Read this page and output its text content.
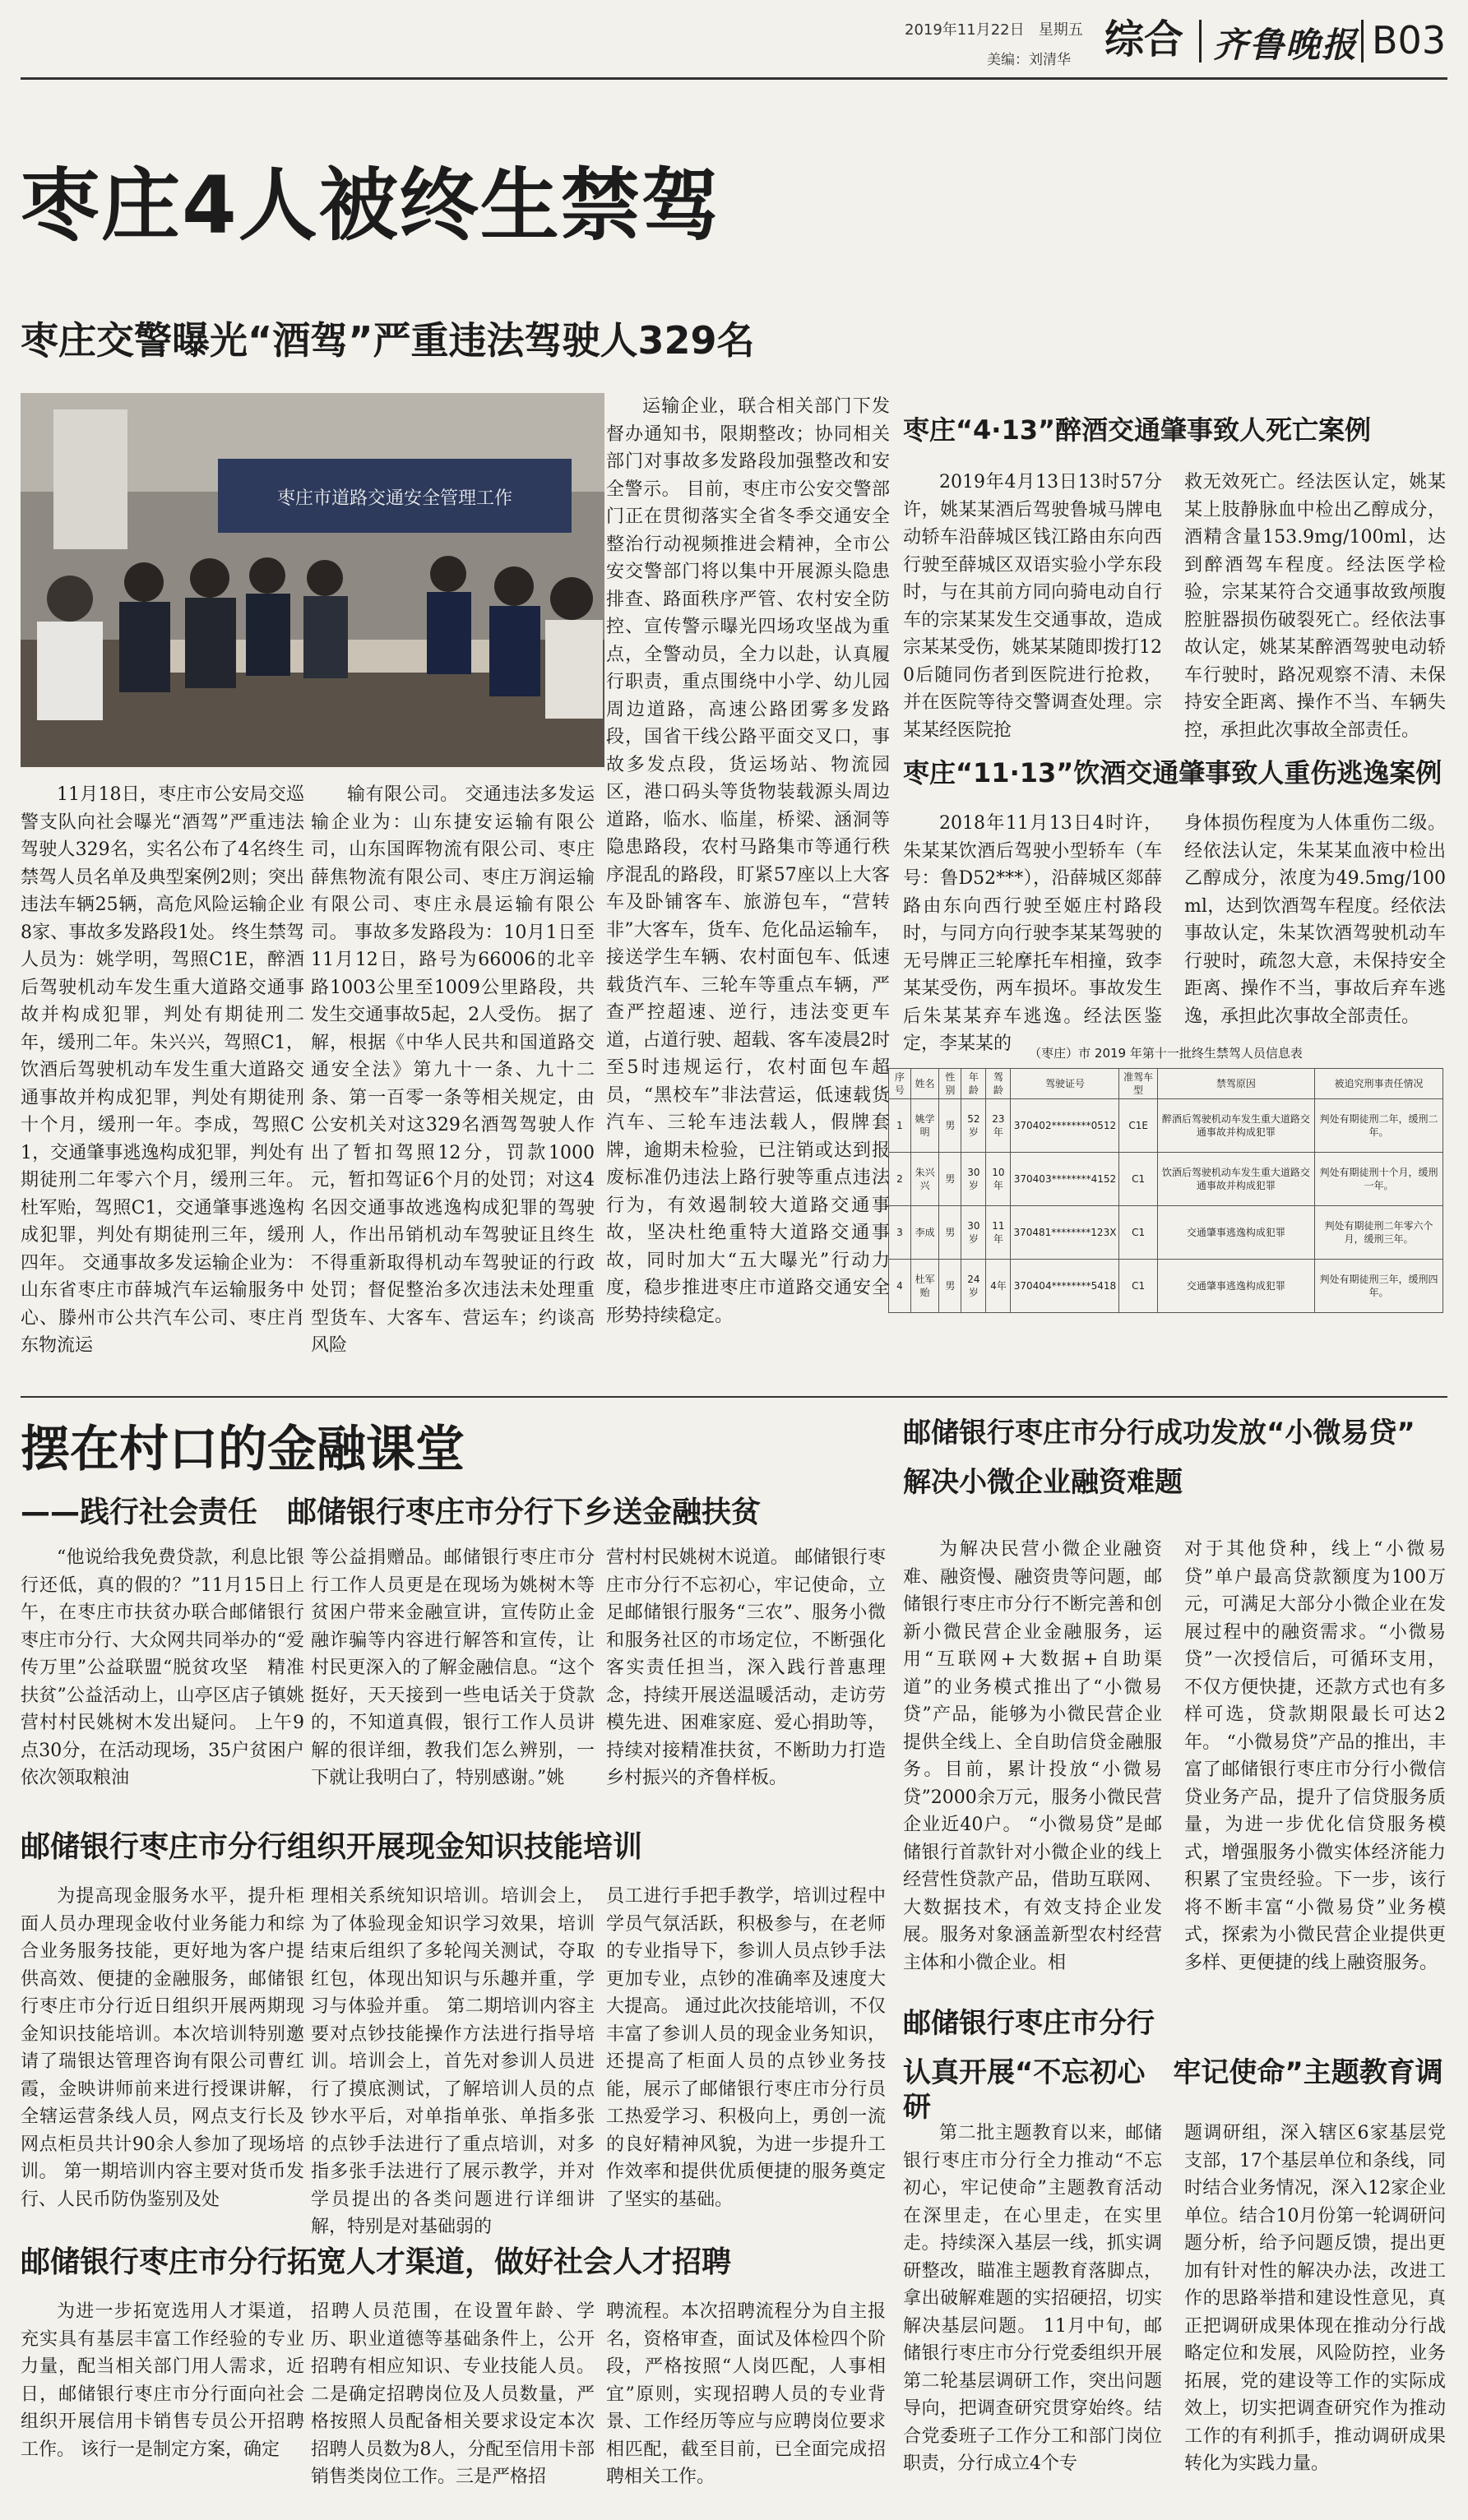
2019年11月22日 星期五
美编：刘清华 综合 齐鲁晚报 B03
枣庄4人被终生禁驾
枣庄交警曝光“酒驾”严重违法驾驶人329名
枣庄市道路交通安全管理工作
11月18日，枣庄市公安局交巡警支队向社会曝光“酒驾”严重违法驾驶人329名，实名公布了4名终生禁驾人员名单及典型案例2则；突出违法车辆25辆，高危风险运输企业8家、事故多发路段1处。 终生禁驾人员为：姚学明，驾照C1E，醉酒后驾驶机动车发生重大道路交通事故并构成犯罪，判处有期徒刑二年，缓刑二年。朱兴兴，驾照C1，饮酒后驾驶机动车发生重大道路交通事故并构成犯罪，判处有期徒刑十个月，缓刑一年。李成，驾照C1，交通肇事逃逸构成犯罪，判处有期徒刑二年零六个月，缓刑三年。杜军贻，驾照C1，交通肇事逃逸构成犯罪，判处有期徒刑三年，缓刑四年。 交通事故多发运输企业为：山东省枣庄市薛城汽车运输服务中心、滕州市公共汽车公司、枣庄肖东物流运
输有限公司。 交通违法多发运输企业为：山东捷安运输有限公司，山东国晖物流有限公司、枣庄薛焦物流有限公司、枣庄万润运输有限公司、枣庄永晨运输有限公司。 事故多发路段为：10月1日至11月12日，路号为66006的北辛路1003公里至1009公里路段，共发生交通事故5起，2人受伤。 据了解，根据《中华人民共和国道路交通安全法》第九十一条、九十二条、第一百零一条等相关规定，由公安机关对这329名酒驾驾驶人作出了暂扣驾照12分，罚款1000元，暂扣驾证6个月的处罚；对这4名因交通事故逃逸构成犯罪的驾驶人，作出吊销机动车驾驶证且终生不得重新取得机动车驾驶证的行政处罚；督促整治多次违法未处理重型货车、大客车、营运车；约谈高风险
运输企业，联合相关部门下发督办通知书，限期整改；协同相关部门对事故多发路段加强整改和安全警示。 目前，枣庄市公安交警部门正在贯彻落实全省冬季交通安全整治行动视频推进会精神，全市公安交警部门将以集中开展源头隐患排查、路面秩序严管、农村安全防控、宣传警示曝光四场攻坚战为重点，全警动员，全力以赴，认真履行职责，重点围绕中小学、幼儿园周边道路，高速公路团雾多发路段，国省干线公路平面交叉口，事故多发点段，货运场站、物流园区，港口码头等货物装载源头周边道路，临水、临崖，桥梁、涵洞等隐患路段，农村马路集市等通行秩序混乱的路段，盯紧57座以上大客车及卧铺客车、旅游包车，“营转非”大客车，货车、危化品运输车，接送学生车辆、农村面包车、低速载货汽车、三轮车等重点车辆，严查严控超速、逆行，违法变更车道，占道行驶、超载、客车凌晨2时至5时违规运行，农村面包车超员，“黑校车”非法营运，低速载货汽车、三轮车违法载人，假牌套牌，逾期未检验，已注销或达到报废标准仍违法上路行驶等重点违法行为，有效遏制较大道路交通事故，坚决杜绝重特大道路交通事故，同时加大“五大曝光”行动力度，稳步推进枣庄市道路交通安全形势持续稳定。
枣庄“4·13”醉酒交通肇事致人死亡案例
2019年4月13日13时57分许，姚某某酒后驾驶鲁城马牌电动轿车沿薛城区钱江路由东向西行驶至薛城区双语实验小学东段时，与在其前方同向骑电动自行车的宗某某发生交通事故，造成宗某某受伤，姚某某随即拨打120后随同伤者到医院进行抢救，并在医院等待交警调查处理。宗某某经医院抢
救无效死亡。经法医认定，姚某某上肢静脉血中检出乙醇成分，酒精含量153.9mg/100ml，达到醉酒驾车程度。经法医学检验，宗某某符合交通事故致颅腹腔脏器损伤破裂死亡。经依法事故认定，姚某某醉酒驾驶电动轿车行驶时，路况观察不清、未保持安全距离、操作不当、车辆失控，承担此次事故全部责任。
枣庄“11·13”饮酒交通肇事致人重伤逃逸案例
2018年11月13日4时许，朱某某饮酒后驾驶小型轿车（车号：鲁D52***），沿薛城区郯薛路由东向西行驶至姬庄村路段时，与同方向行驶李某某驾驶的无号牌正三轮摩托车相撞，致李某某受伤，两车损坏。事故发生后朱某某弃车逃逸。经法医鉴定，李某某的
身体损伤程度为人体重伤二级。经依法认定，朱某某血液中检出乙醇成分，浓度为49.5mg/100ml，达到饮酒驾车程度。经依法事故认定，朱某饮酒驾驶机动车行驶时，疏忽大意，未保持安全距离、操作不当，事故后弃车逃逸，承担此次事故全部责任。
（枣庄）市 2019 年第十一批终生禁驾人员信息表
序号	姓名	性别	年龄	驾龄	驾驶证号	准驾车型	禁驾原因	被追究刑事责任情况
1	姚学明	男	52岁	23年	370402********0512	C1E	醉酒后驾驶机动车发生重大道路交通事故并构成犯罪	判处有期徒刑二年，缓刑二年。
2	朱兴兴	男	30岁	10年	370403********4152	C1	饮酒后驾驶机动车发生重大道路交通事故并构成犯罪	判处有期徒刑十个月，缓刑一年。
3	李成	男	30岁	11年	370481********123X	C1	交通肇事逃逸构成犯罪	判处有期徒刑二年零六个月，缓刑三年。
4	杜军贻	男	24岁	4年	370404********5418	C1	交通肇事逃逸构成犯罪	判处有期徒刑三年，缓刑四年。
摆在村口的金融课堂
——践行社会责任　邮储银行枣庄市分行下乡送金融扶贫
“他说给我免费贷款，利息比银行还低，真的假的？”11月15日上午，在枣庄市扶贫办联合邮储银行枣庄市分行、大众网共同举办的“爱传万里”公益联盟“脱贫攻坚　精准扶贫”公益活动上，山亭区店子镇姚营村村民姚树木发出疑问。 上午9点30分，在活动现场，35户贫困户依次领取粮油
等公益捐赠品。邮储银行枣庄市分行工作人员更是在现场为姚树木等贫困户带来金融宣讲，宣传防止金融诈骗等内容进行解答和宣传，让村民更深入的了解金融信息。“这个挺好，天天接到一些电话关于贷款的，不知道真假，银行工作人员讲解的很详细，教我们怎么辨别，一下就让我明白了，特别感谢。”姚
营村村民姚树木说道。 邮储银行枣庄市分行不忘初心，牢记使命，立足邮储银行服务“三农”、服务小微和服务社区的市场定位，不断强化客实责任担当，深入践行普惠理念，持续开展送温暖活动，走访劳模先进、困难家庭、爱心捐助等，持续对接精准扶贫，不断助力打造乡村振兴的齐鲁样板。
邮储银行枣庄市分行组织开展现金知识技能培训
为提高现金服务水平，提升柜面人员办理现金收付业务能力和综合业务服务技能，更好地为客户提供高效、便捷的金融服务，邮储银行枣庄市分行近日组织开展两期现金知识技能培训。本次培训特别邀请了瑞银达管理咨询有限公司曹红霞，金映讲师前来进行授课讲解，全辖运营条线人员，网点支行长及网点柜员共计90余人参加了现场培训。 第一期培训内容主要对货币发行、人民币防伪鉴别及处
理相关系统知识培训。培训会上，为了体验现金知识学习效果，培训结束后组织了多轮闯关测试，夺取红包，体现出知识与乐趣并重，学习与体验并重。 第二期培训内容主要对点钞技能操作方法进行指导培训。培训会上，首先对参训人员进行了摸底测试，了解培训人员的点钞水平后，对单指单张、单指多张的点钞手法进行了重点培训，对多指多张手法进行了展示教学，并对学员提出的各类问题进行详细讲解，特别是对基础弱的
员工进行手把手教学，培训过程中学员气氛活跃，积极参与，在老师的专业指导下，参训人员点钞手法更加专业，点钞的准确率及速度大大提高。 通过此次技能培训，不仅丰富了参训人员的现金业务知识，还提高了柜面人员的点钞业务技能，展示了邮储银行枣庄市分行员工热爱学习、积极向上，勇创一流的良好精神风貌，为进一步提升工作效率和提供优质便捷的服务奠定了坚实的基础。
邮储银行枣庄市分行拓宽人才渠道，做好社会人才招聘
为进一步拓宽选用人才渠道，充实具有基层丰富工作经验的专业力量，配当相关部门用人需求，近日，邮储银行枣庄市分行面向社会组织开展信用卡销售专员公开招聘工作。 该行一是制定方案，确定
招聘人员范围，在设置年龄、学历、职业道德等基础条件上，公开招聘有相应知识、专业技能人员。二是确定招聘岗位及人员数量，严格按照人员配备相关要求设定本次招聘人员数为8人，分配至信用卡部销售类岗位工作。三是严格招
聘流程。本次招聘流程分为自主报名，资格审查，面试及体检四个阶段，严格按照“人岗匹配，人事相宜”原则，实现招聘人员的专业背景、工作经历等应与应聘岗位要求相匹配，截至目前，已全面完成招聘相关工作。
邮储银行枣庄市分行成功发放“小微易贷”
解决小微企业融资难题
为解决民营小微企业融资难、融资慢、融资贵等问题，邮储银行枣庄市分行不断完善和创新小微民营企业金融服务，运用“互联网+大数据+自助渠道”的业务模式推出了“小微易贷”产品，能够为小微民营企业提供全线上、全自助信贷金融服务。目前，累计投放“小微易贷”2000余万元，服务小微民营企业近40户。 “小微易贷”是邮储银行首款针对小微企业的线上经营性贷款产品，借助互联网、大数据技术，有效支持企业发展。服务对象涵盖新型农村经营主体和小微企业。相
对于其他贷种，线上“小微易贷”单户最高贷款额度为100万元，可满足大部分小微企业在发展过程中的融资需求。“小微易贷”一次授信后，可循环支用，不仅方便快捷，还款方式也有多样可选，贷款期限最长可达2年。 “小微易贷”产品的推出，丰富了邮储银行枣庄市分行小微信贷业务产品，提升了信贷服务质量，为进一步优化信贷服务模式，增强服务小微实体经济能力积累了宝贵经验。下一步，该行将不断丰富“小微易贷”业务模式，探索为小微民营企业提供更多样、更便捷的线上融资服务。
邮储银行枣庄市分行
认真开展“不忘初心　牢记使命”主题教育调研
第二批主题教育以来，邮储银行枣庄市分行全力推动“不忘初心，牢记使命”主题教育活动在深里走，在心里走，在实里走。持续深入基层一线，抓实调研整改，瞄准主题教育落脚点，拿出破解难题的实招硬招，切实解决基层问题。 11月中旬，邮储银行枣庄市分行党委组织开展第二轮基层调研工作，突出问题导向，把调查研究贯穿始终。结合党委班子工作分工和部门岗位职责，分行成立4个专
题调研组，深入辖区6家基层党支部，17个基层单位和条线，同时结合业务情况，深入12家企业单位。结合10月份第一轮调研问题分析，给予问题反馈，提出更加有针对性的解决办法，改进工作的思路举措和建设性意见，真正把调研成果体现在推动分行战略定位和发展，风险防控，业务拓展，党的建设等工作的实际成效上，切实把调查研究作为推动工作的有利抓手，推动调研成果转化为实践力量。
